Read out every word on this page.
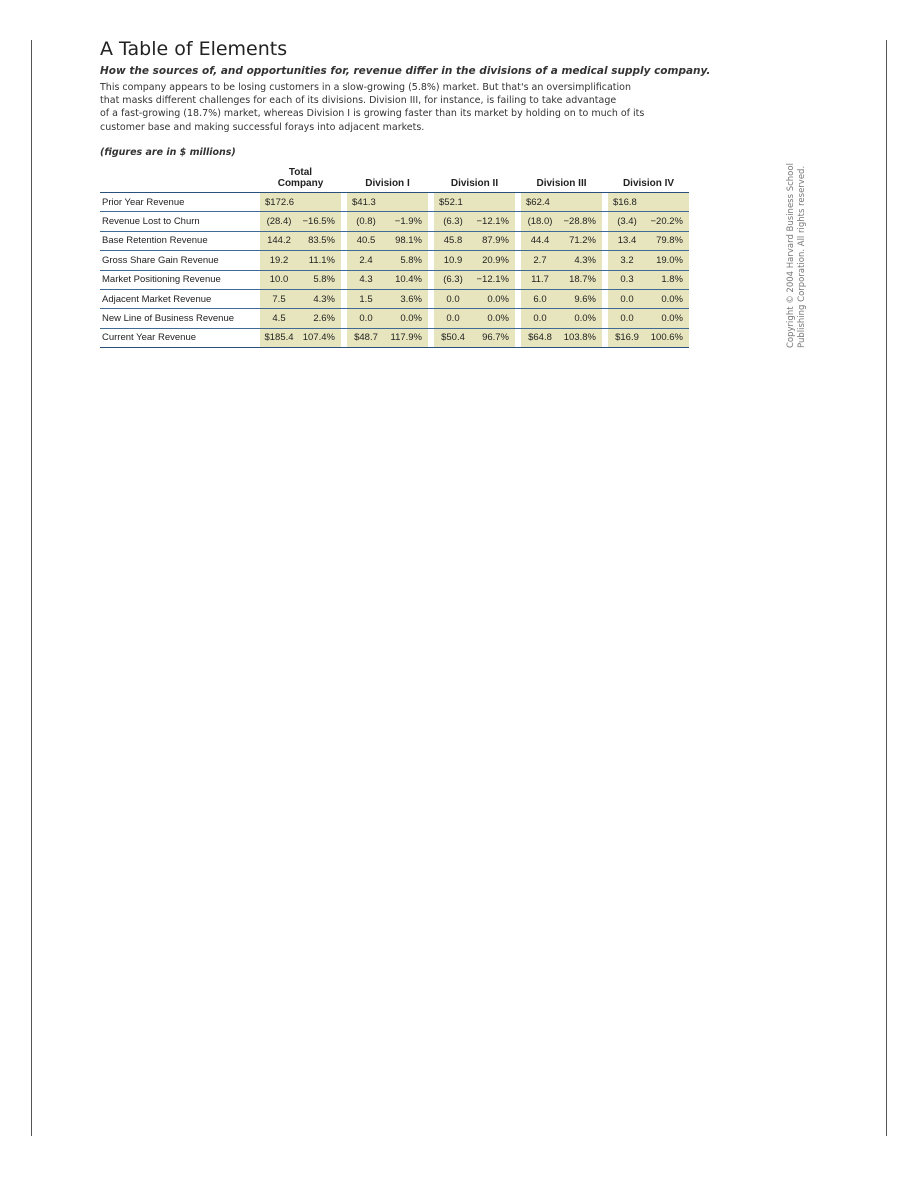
A Table of Elements
How the sources of, and opportunities for, revenue differ in the divisions of a medical supply company.
This company appears to be losing customers in a slow-growing (5.8%) market. But that's an oversimplification
that masks different challenges for each of its divisions. Division III, for instance, is failing to take advantage
of a fast-growing (18.7%) market, whereas Division I is growing faster than its market by holding on to much of its
customer base and making successful forays into adjacent markets.
(figures are in $ millions)
		Total
Company			Division I			Division II			Division III			Division IV	
Prior Year Revenue		$172.6			$41.3			$52.1			$62.4			$16.8	
Revenue Lost to Churn		(28.4)	−16.5%		(0.8)	−1.9%		(6.3)	−12.1%		(18.0)	−28.8%		(3.4)	−20.2%
Base Retention Revenue		144.2	83.5%		40.5	98.1%		45.8	87.9%		44.4	71.2%		13.4	79.8%
Gross Share Gain Revenue		19.2	11.1%		2.4	5.8%		10.9	20.9%		2.7	4.3%		3.2	19.0%
Market Positioning Revenue		10.0	5.8%		4.3	10.4%		(6.3)	−12.1%		11.7	18.7%		0.3	1.8%
Adjacent Market Revenue		7.5	4.3%		1.5	3.6%		0.0	0.0%		6.0	9.6%		0.0	0.0%
New Line of Business Revenue		4.5	2.6%		0.0	0.0%		0.0	0.0%		0.0	0.0%		0.0	0.0%
Current Year Revenue		$185.4	107.4%		$48.7	117.9%		$50.4	96.7%		$64.8	103.8%		$16.9	100.6%	Copyright © 2004 Harvard Business School Publishing Corporation. All rights reserved.
